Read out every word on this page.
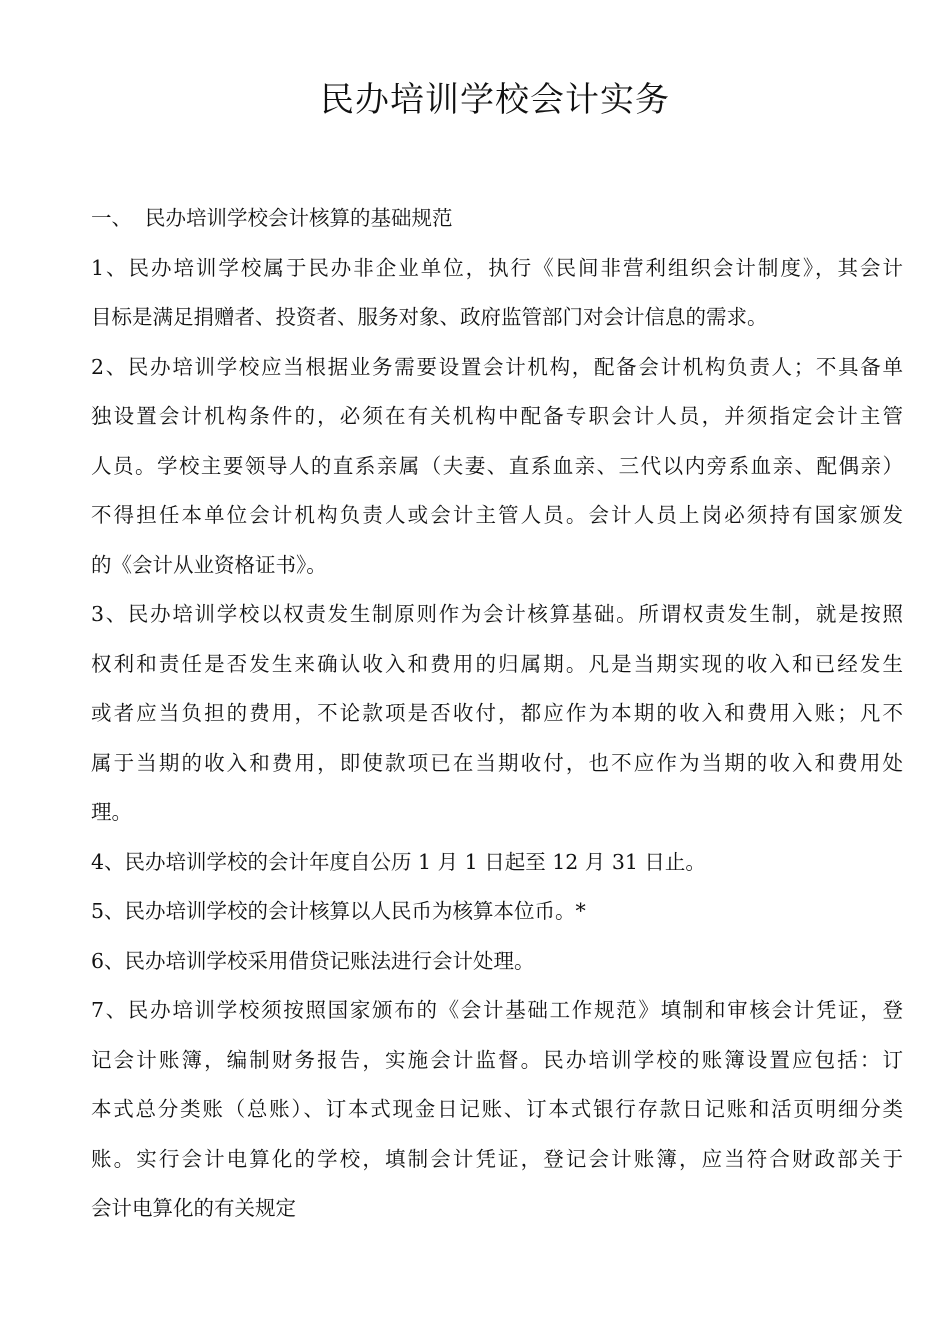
民办培训学校会计实务
一、 民办培训学校会计核算的基础规范
1、民办培训学校属于民办非企业单位，执行《民间非营利组织会计制度》，其会计
目标是满足捐赠者、投资者、服务对象、政府监管部门对会计信息的需求。
2、民办培训学校应当根据业务需要设置会计机构，配备会计机构负责人；不具备单
独设置会计机构条件的，必须在有关机构中配备专职会计人员，并须指定会计主管
人员。学校主要领导人的直系亲属（夫妻、直系血亲、三代以内旁系血亲、配偶亲）
不得担任本单位会计机构负责人或会计主管人员。会计人员上岗必须持有国家颁发
的《会计从业资格证书》。
3、民办培训学校以权责发生制原则作为会计核算基础。所谓权责发生制，就是按照
权利和责任是否发生来确认收入和费用的归属期。凡是当期实现的收入和已经发生
或者应当负担的费用，不论款项是否收付，都应作为本期的收入和费用入账；凡不
属于当期的收入和费用，即使款项已在当期收付，也不应作为当期的收入和费用处
理。
4、民办培训学校的会计年度自公历 1 月 1 日起至 12 月 31 日止。
5、民办培训学校的会计核算以人民币为核算本位币。*
6、民办培训学校采用借贷记账法进行会计处理。
7、民办培训学校须按照国家颁布的《会计基础工作规范》填制和审核会计凭证，登
记会计账簿，编制财务报告，实施会计监督。民办培训学校的账簿设置应包括：订
本式总分类账（总账）、订本式现金日记账、订本式银行存款日记账和活页明细分类
账。实行会计电算化的学校，填制会计凭证，登记会计账簿，应当符合财政部关于
会计电算化的有关规定
